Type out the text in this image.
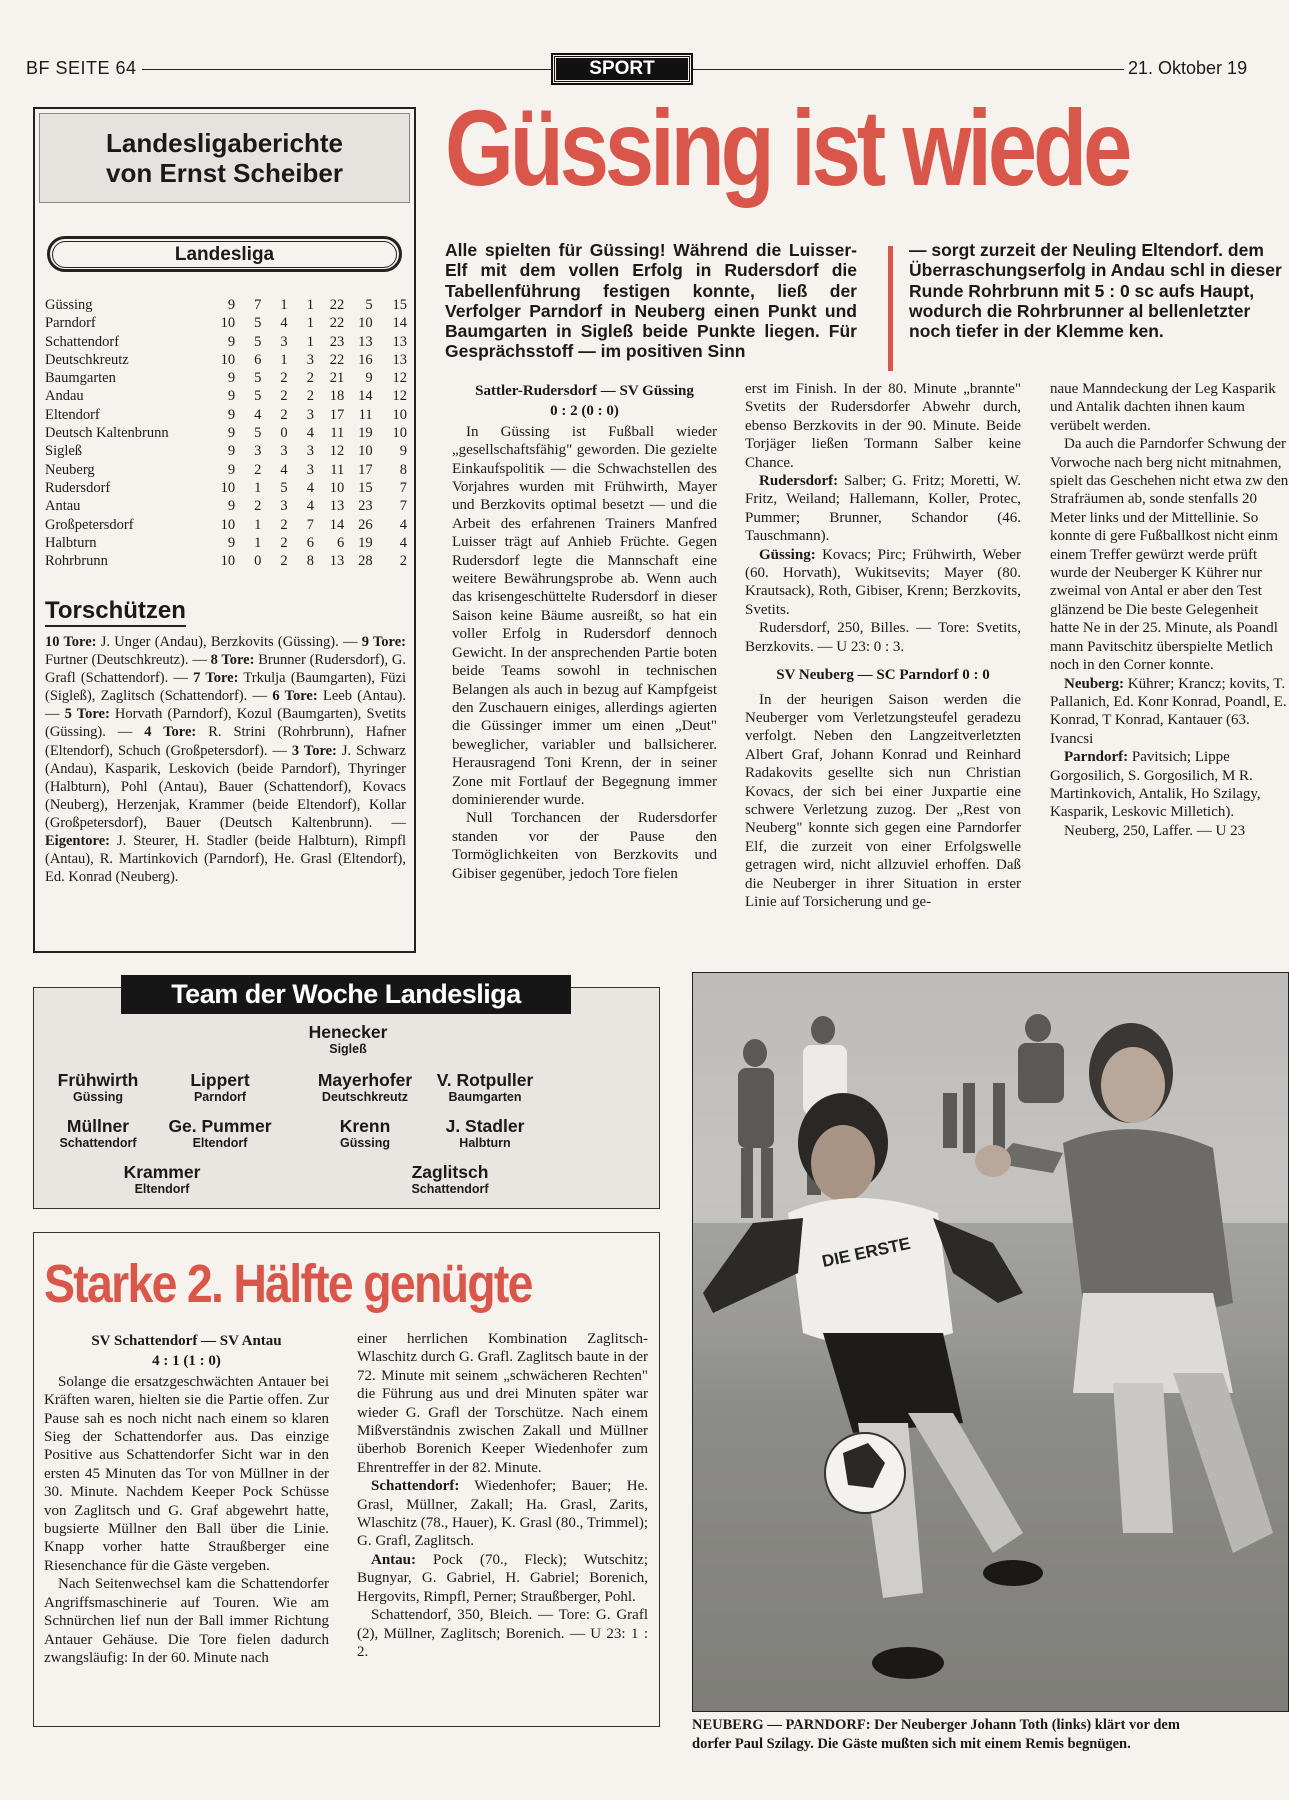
BF SEITE 64	SPORT	21. Oktober 19
Güssing ist wiede
Landesligaberichte
von Ernst Scheiber
Landesliga
Güssing	9	7	1	1	22	5	15
Parndorf	10	5	4	1	22	10	14
Schattendorf	9	5	3	1	23	13	13
Deutschkreutz	10	6	1	3	22	16	13
Baumgarten	9	5	2	2	21	9	12
Andau	9	5	2	2	18	14	12
Eltendorf	9	4	2	3	17	11	10
Deutsch Kaltenbrunn	9	5	0	4	11	19	10
Sigleß	9	3	3	3	12	10	9
Neuberg	9	2	4	3	11	17	8
Rudersdorf	10	1	5	4	10	15	7
Antau	9	2	3	4	13	23	7
Großpetersdorf	10	1	2	7	14	26	4
Halbturn	9	1	2	6	6	19	4
Rohrbrunn	10	0	2	8	13	28	2
Torschützen
10 Tore: J. Unger (Andau), Berzkovits (Güssing). — 9 Tore: Furtner (Deutschkreutz). — 8 Tore: Brunner (Rudersdorf), G. Grafl (Schattendorf). — 7 Tore: Trkulja (Baumgarten), Füzi (Sigleß), Zaglitsch (Schattendorf). — 6 Tore: Leeb (Antau). — 5 Tore: Horvath (Parndorf), Kozul (Baumgarten), Svetits (Güssing). — 4 Tore: R. Strini (Rohrbrunn), Hafner (Eltendorf), Schuch (Großpetersdorf). — 3 Tore: J. Schwarz (Andau), Kasparik, Leskovich (beide Parndorf), Thyringer (Halbturn), Pohl (Antau), Bauer (Schattendorf), Kovacs (Neuberg), Herzenjak, Krammer (beide Eltendorf), Kollar (Großpetersdorf), Bauer (Deutsch Kaltenbrunn). — Eigentore: J. Steurer, H. Stadler (beide Halbturn), Rimpfl (Antau), R. Martinkovich (Parndorf), He. Grasl (Eltendorf), Ed. Konrad (Neuberg).
Alle spielten für Güssing! Während die Luisser-Elf mit dem vollen Erfolg in Rudersdorf die Tabellenführung festigen konnte, ließ der Verfolger Parndorf in Neuberg einen Punkt und Baumgarten in Sigleß beide Punkte liegen. Für Gesprächsstoff — im positiven Sinn
— sorgt zurzeit der Neuling Eltendorf. dem Überraschungserfolg in Andau schl in dieser Runde Rohrbrunn mit 5 : 0 sc aufs Haupt, wodurch die Rohrbrunner al bellenletzter noch tiefer in der Klemme ken.
Sattler-Rudersdorf — SV Güssing
0 : 2 (0 : 0)

In Güssing ist Fußball wieder „gesellschaftsfähig" geworden. Die gezielte Einkaufspolitik — die Schwachstellen des Vorjahres wurden mit Frühwirth, Mayer und Berzkovits optimal besetzt — und die Arbeit des erfahrenen Trainers Manfred Luisser trägt auf Anhieb Früchte. Gegen Rudersdorf legte die Mannschaft eine weitere Bewährungsprobe ab. Wenn auch das krisengeschüttelte Rudersdorf in dieser Saison keine Bäume ausreißt, so hat ein voller Erfolg in Rudersdorf dennoch Gewicht. In der ansprechenden Partie boten beide Teams sowohl in technischen Belangen als auch in bezug auf Kampfgeist den Zuschauern einiges, allerdings agierten die Güssinger immer um einen „Deut" beweglicher, variabler und ballsicherer. Herausragend Toni Krenn, der in seiner Zone mit Fortlauf der Begegnung immer dominierender wurde.

Null Torchancen der Rudersdorfer standen vor der Pause den Tormöglichkeiten von Berzkovits und Gibiser gegenüber, jedoch Tore fielen

erst im Finish. In der 80. Minute „brannte" Svetits der Rudersdorfer Abwehr durch, ebenso Berzkovits in der 90. Minute. Beide Torjäger ließen Tormann Salber keine Chance.

Rudersdorf: Salber; G. Fritz; Moretti, W. Fritz, Weiland; Hallemann, Koller, Protec, Pummer; Brunner, Schandor (46. Tauschmann).

Güssing: Kovacs; Pirc; Frühwirth, Weber (60. Horvath), Wukitsevits; Mayer (80. Krautsack), Roth, Gibiser, Krenn; Berzkovits, Svetits.

Rudersdorf, 250, Billes. — Tore: Svetits, Berzkovits. — U 23: 0 : 3.

SV Neuberg — SC Parndorf 0 : 0

In der heurigen Saison werden die Neuberger vom Verletzungsteufel geradezu verfolgt. Neben den Langzeitverletzten Albert Graf, Johann Konrad und Reinhard Radakovits gesellte sich nun Christian Kovacs, der sich bei einer Juxpartie eine schwere Verletzung zuzog. Der „Rest von Neuberg" konnte sich gegen eine Parndorfer Elf, die zurzeit von einer Erfolgswelle getragen wird, nicht allzuviel erhoffen. Daß die Neuberger in ihrer Situation in erster Linie auf Torsicherung und ge-

naue Manndeckung der Leg Kasparik und Antalik dachten ihnen kaum verübelt werden.

Da auch die Parndorfer Schwung der Vorwoche nach berg nicht mitnahmen, spielt das Geschehen nicht etwa zw den Strafräumen ab, sonde stenfalls 20 Meter links und der Mittellinie. So konnte di gere Fußballkost nicht einm einem Treffer gewürzt werde prüft wurde der Neuberger K Kührer nur zweimal von Antal er aber den Test glänzend be Die beste Gelegenheit hatte Ne in der 25. Minute, als Poandl mann Pavitschitz überspielte Metlich noch in den Corner konnte.

Neuberg: Kührer; Krancz; kovits, T. Pallanich, Ed. Konr Konrad, Poandl, E. Konrad, T Konrad, Kantauer (63. Ivancsi

Parndorf: Pavitsich; Lippe Gorgosilich, S. Gorgosilich, M R. Martinkovich, Antalik, Ho Szilagy, Kasparik, Leskovic Milletich).

Neuberg, 250, Laffer. — U 23

Team der Woche Landesliga
Henecker
Sigleß
Frühwirth
Güssing
Lippert
Parndorf
Mayerhofer
Deutschkreutz
V. Rotpuller
Baumgarten
Müllner
Schattendorf
Ge. Pummer
Eltendorf
Krenn
Güssing
J. Stadler
Halbturn
Krammer
Eltendorf
Zaglitsch
Schattendorf
Starke 2. Hälfte genügte
SV Schattendorf — SV Antau
4 : 1 (1 : 0)

Solange die ersatzgeschwächten Antauer bei Kräften waren, hielten sie die Partie offen. Zur Pause sah es noch nicht nach einem so klaren Sieg der Schattendorfer aus. Das einzige Positive aus Schattendorfer Sicht war in den ersten 45 Minuten das Tor von Müllner in der 30. Minute. Nachdem Keeper Pock Schüsse von Zaglitsch und G. Graf abgewehrt hatte, bugsierte Müllner den Ball über die Linie. Knapp vorher hatte Straußberger eine Riesenchance für die Gäste vergeben.

Nach Seitenwechsel kam die Schattendorfer Angriffsmaschinerie auf Touren. Wie am Schnürchen lief nun der Ball immer Richtung Antauer Gehäuse. Die Tore fielen dadurch zwangsläufig: In der 60. Minute nach

einer herrlichen Kombination Zaglitsch-Wlaschitz durch G. Grafl. Zaglitsch baute in der 72. Minute mit seinem „schwächeren Rechten" die Führung aus und drei Minuten später war wieder G. Grafl der Torschütze. Nach einem Mißverständnis zwischen Zakall und Müllner überhob Borenich Keeper Wiedenhofer zum Ehrentreffer in der 82. Minute.

Schattendorf: Wiedenhofer; Bauer; He. Grasl, Müllner, Zakall; Ha. Grasl, Zarits, Wlaschitz (78., Hauer), K. Grasl (80., Trimmel); G. Grafl, Zaglitsch.

Antau: Pock (70., Fleck); Wutschitz; Bugnyar, G. Gabriel, H. Gabriel; Borenich, Hergovits, Rimpfl, Perner; Straußberger, Pohl.

Schattendorf, 350, Bleich. — Tore: G. Grafl (2), Müllner, Zaglitsch; Borenich. — U 23: 1 : 2.

DIE ERSTE
NEUBERG — PARNDORF: Der Neuberger Johann Toth (links) klärt vor dem
dorfer Paul Szilagy. Die Gäste mußten sich mit einem Remis begnügen.
